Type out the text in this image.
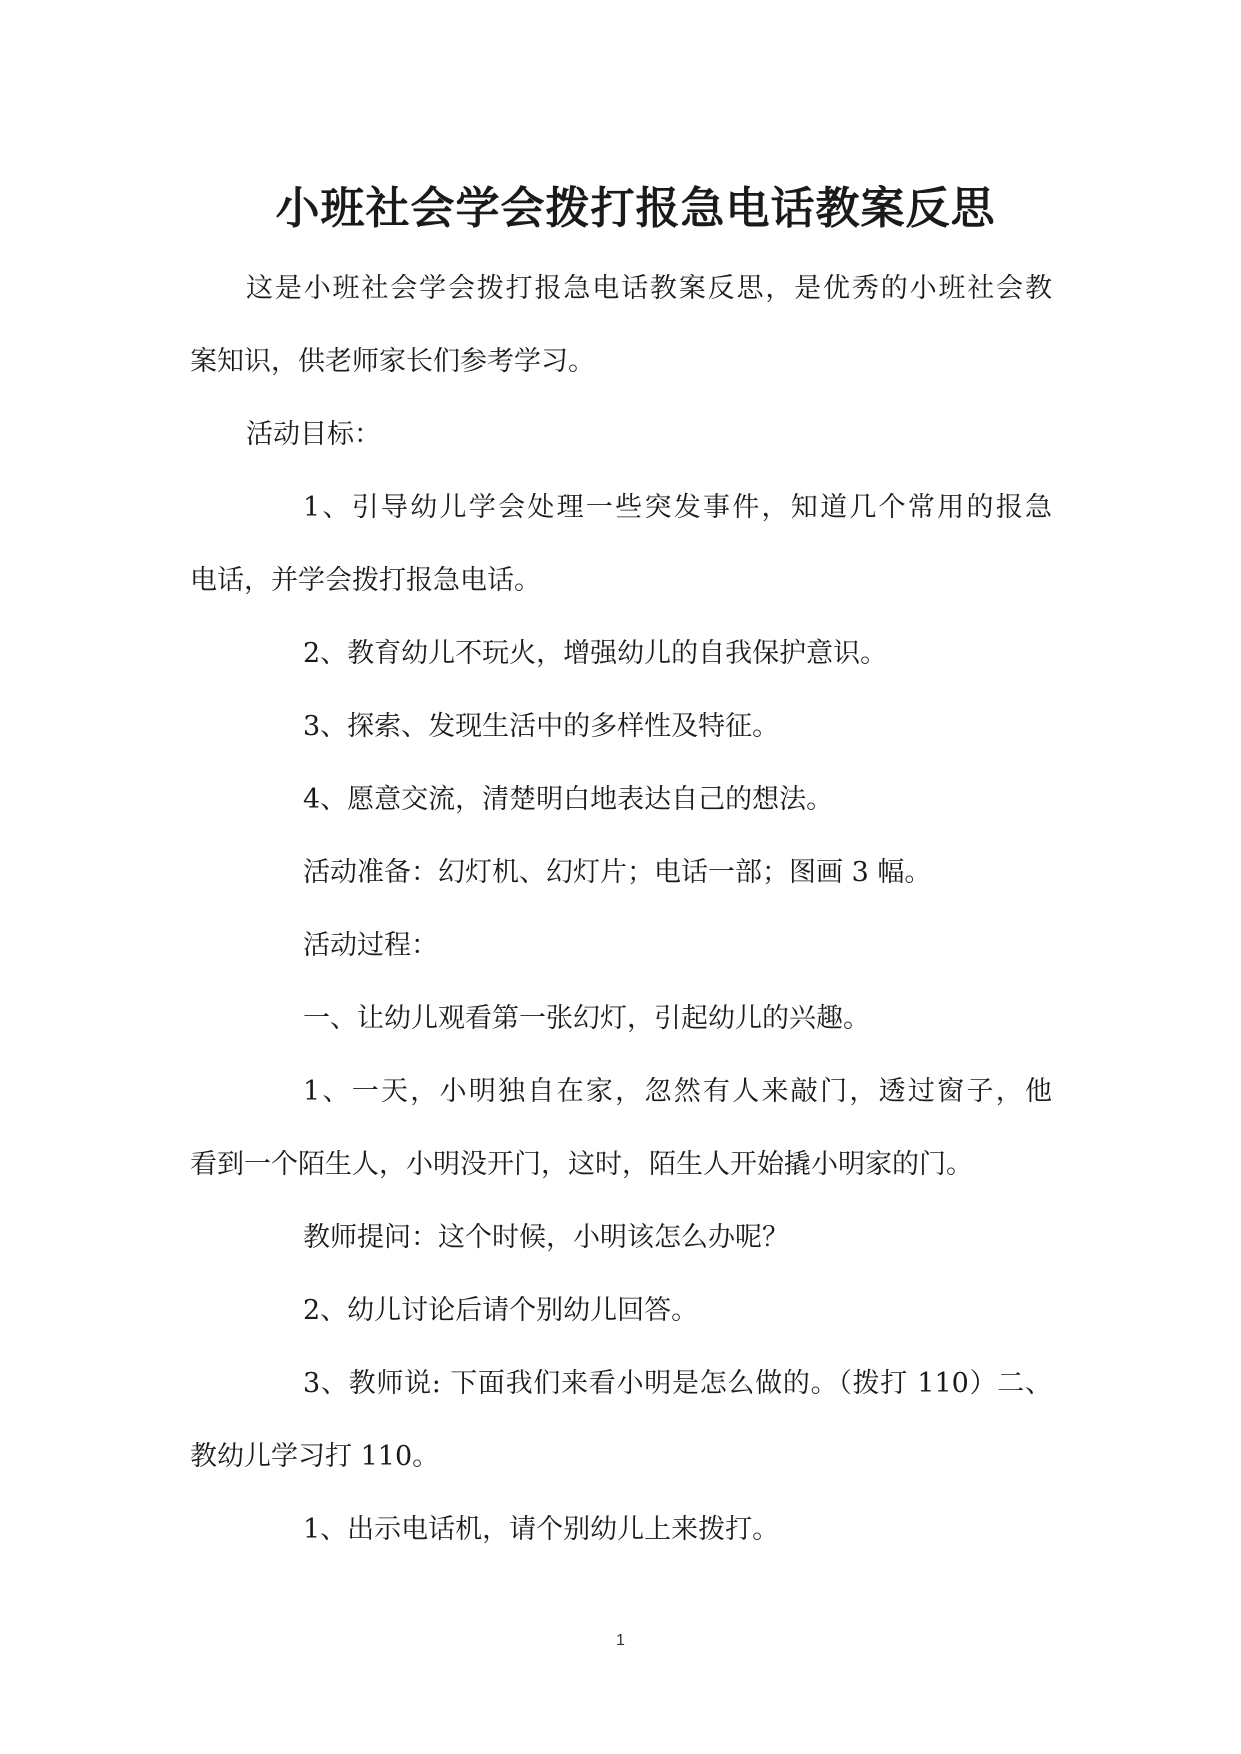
小班社会学会拨打报急电话教案反思

这是小班社会学会拨打报急电话教案反思，是优秀的小班社会教
案知识，供老师家长们参考学习。

活动目标：

1、引导幼儿学会处理一些突发事件，知道几个常用的报急
电话，并学会拨打报急电话。

2、教育幼儿不玩火，增强幼儿的自我保护意识。

3、探索、发现生活中的多样性及特征。

4、愿意交流，清楚明白地表达自己的想法。

活动准备：幻灯机、幻灯片；电话一部；图画 3 幅。

活动过程：

一、让幼儿观看第一张幻灯，引起幼儿的兴趣。

1、一天，小明独自在家，忽然有人来敲门，透过窗子，他
看到一个陌生人，小明没开门，这时，陌生人开始撬小明家的门。

教师提问：这个时候，小明该怎么办呢？

2、幼儿讨论后请个别幼儿回答。

3、教师说: 下面我们来看小明是怎么做的。（拨打 110）二、
教幼儿学习打 110。

1、出示电话机，请个别幼儿上来拨打。

1
